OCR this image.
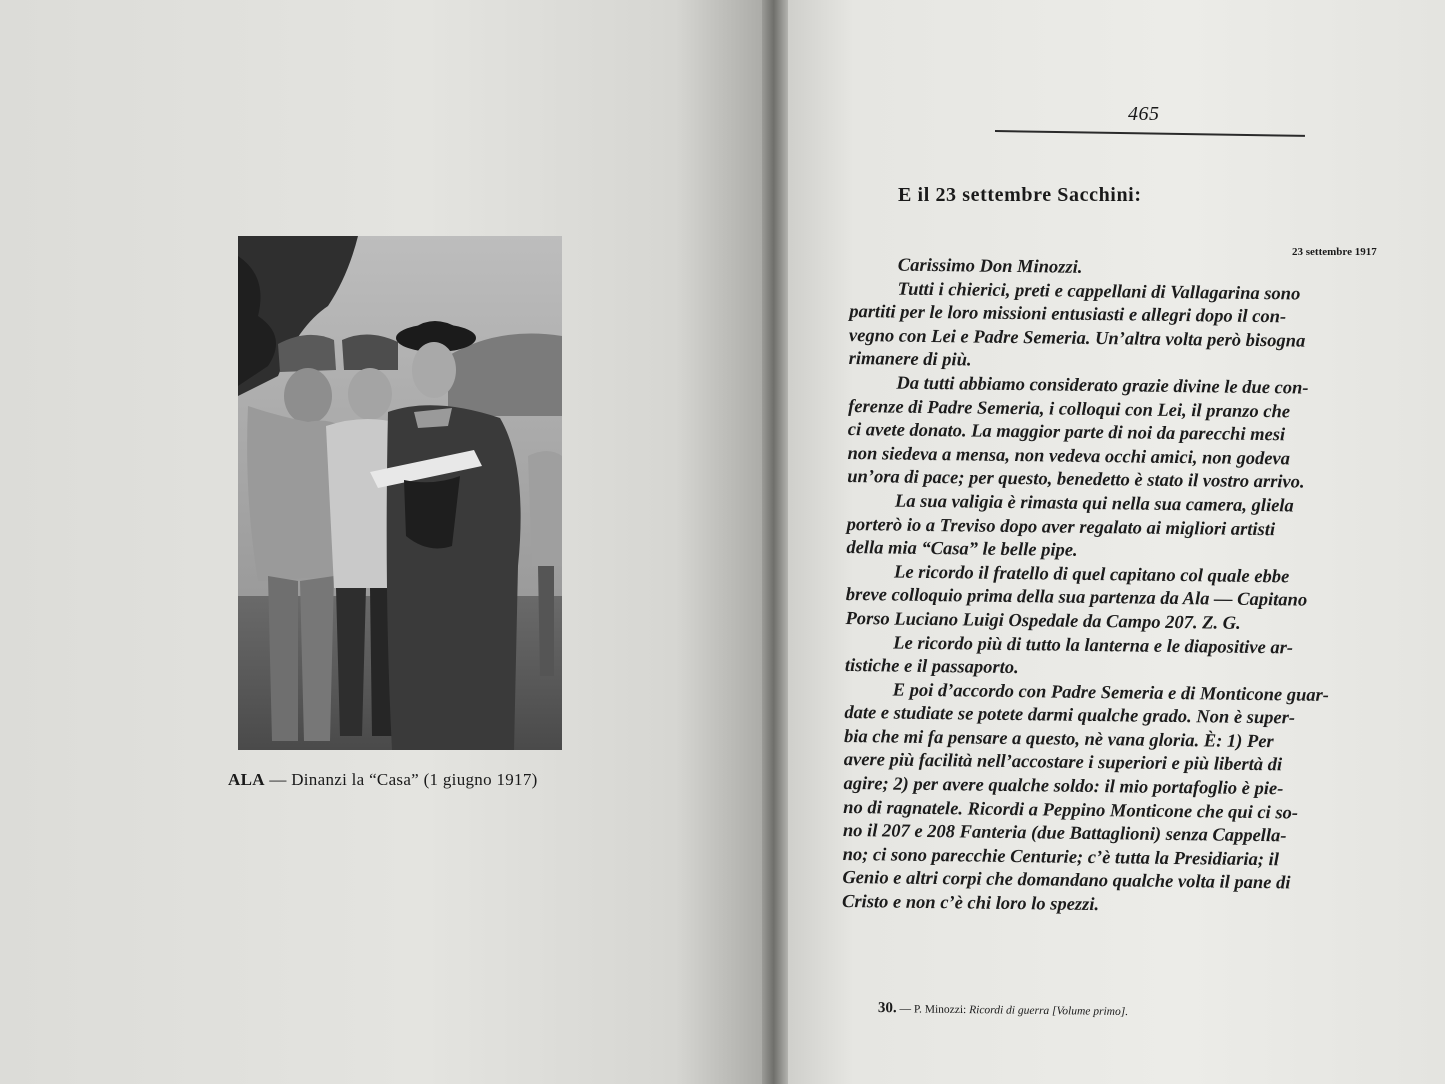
ALA — Dinanzi la “Casa” (1 giugno 1917)
465
E il 23 settembre Sacchini:
23 settembre 1917
Carissimo Don Minozzi.
Tutti i chierici, preti e cappellani di Vallagarina sono
partiti per le loro missioni entusiasti e allegri dopo il con-
vegno con Lei e Padre Semeria. Un’altra volta però bisogna
rimanere di più.
Da tutti abbiamo considerato grazie divine le due con-
ferenze di Padre Semeria, i colloqui con Lei, il pranzo che
ci avete donato. La maggior parte di noi da parecchi mesi
non siedeva a mensa, non vedeva occhi amici, non godeva
un’ora di pace; per questo, benedetto è stato il vostro arrivo.
La sua valigia è rimasta qui nella sua camera, gliela
porterò io a Treviso dopo aver regalato ai migliori artisti
della mia “Casa” le belle pipe.
Le ricordo il fratello di quel capitano col quale ebbe
breve colloquio prima della sua partenza da Ala — Capitano
Porso Luciano Luigi Ospedale da Campo 207. Z. G.
Le ricordo più di tutto la lanterna e le diapositive ar-
tistiche e il passaporto.
E poi d’accordo con Padre Semeria e di Monticone guar-
date e studiate se potete darmi qualche grado. Non è super-
bia che mi fa pensare a questo, nè vana gloria. È: 1) Per
avere più facilità nell’accostare i superiori e più libertà di
agire; 2) per avere qualche soldo: il mio portafoglio è pie-
no di ragnatele. Ricordi a Peppino Monticone che qui ci so-
no il 207 e 208 Fanteria (due Battaglioni) senza Cappella-
no; ci sono parecchie Centurie; c’è tutta la Presidiaria; il
Genio e altri corpi che domandano qualche volta il pane di
Cristo e non c’è chi loro lo spezzi.
30. — P. Minozzi: Ricordi di guerra [Volume primo].
